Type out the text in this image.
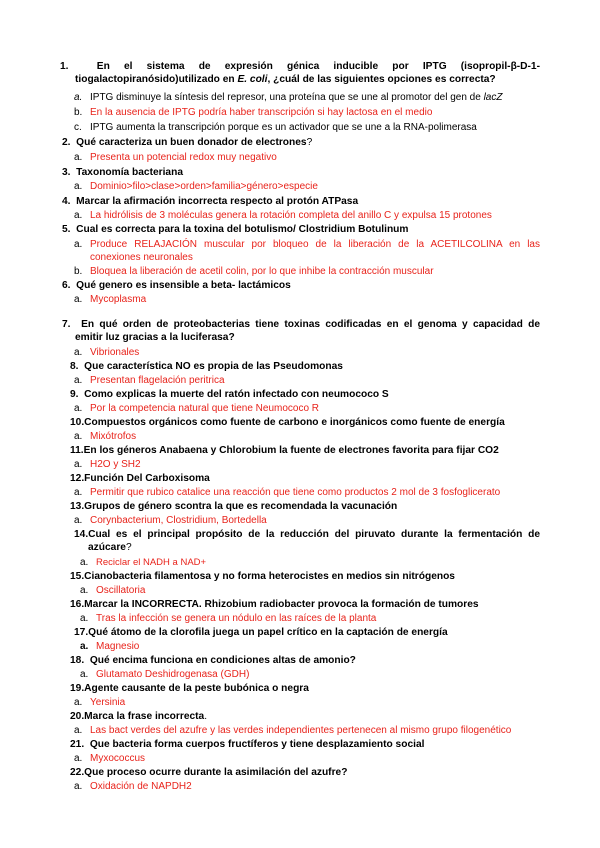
1.	En el sistema de expresión génica inducible por IPTG (isopropil-β-D-1-
tiogalactopiranósido)utilizado en E. coli, ¿cuál de las siguientes opciones es correcta?
a. IPTG disminuye la síntesis del represor, una proteína que se une al promotor del gen de lacZ
b. En la ausencia de IPTG podría haber transcripción si hay lactosa en el medio
c. IPTG aumenta la transcripción porque es un activador que se une a la RNA-polimerasa
2. Qué caracteriza un buen donador de electrones?
a. Presenta un potencial redox muy negativo
3. Taxonomía bacteriana
a. Dominio>filo>clase>orden>familia>género>especie
4. Marcar la afirmación incorrecta respecto al protón ATPasa
a. La hidrólisis de 3 moléculas genera la rotación completa del anillo C y expulsa 15 protones
5. Cual es correcta para la toxina del botulismo/ Clostridium Botulinum
a. Produce RELAJACIÓN muscular por bloqueo de la liberación de la ACETILCOLINA en las
conexiones neuronales
b. Bloquea la liberación de acetil colin, por lo que inhibe la contracción muscular
6. Qué genero es insensible a beta- lactámicos
a. Mycoplasma
7. En qué orden de proteobacterias tiene toxinas codificadas en el genoma y capacidad de
emitir luz gracias a la luciferasa?
a. Vibrionales
8. Que característica NO es propia de las Pseudomonas
a. Presentan flagelación peritrica
9. Como explicas la muerte del ratón infectado con neumococo S
a. Por la competencia natural que tiene Neumococo R
10.Compuestos orgánicos como fuente de carbono e inorgánicos como fuente de energía
a. Mixótrofos
11.En los géneros Anabaena y Chlorobium la fuente de electrones favorita para fijar CO2
a. H2O y SH2
12.Función Del Carboxisoma
a. Permitir que rubico catalice una reacción que tiene como productos 2 mol de 3 fosfoglicerato
13.Grupos de género scontra la que es recomendada la vacunación
a. Corynbacterium, Clostridium, Bortedella
14.Cual es el principal propósito de la reducción del piruvato durante la fermentación de
azúcare?
a. Reciclar el NADH a NAD+
15.Cianobacteria filamentosa y no forma heterocistes en medios sin nitrógenos
a. Oscillatoria
16.Marcar la INCORRECTA. Rhizobium radiobacter provoca la formación de tumores
a. Tras la infección se genera un nódulo en las raíces de la planta
17.Qué átomo de la clorofila juega un papel crítico en la captación de energía
a. Magnesio
18. Qué encima funciona en condiciones altas de amonio?
a. Glutamato Deshidrogenasa (GDH)
19.Agente causante de la peste bubónica o negra
a. Yersinia
20.Marca la frase incorrecta.
a. Las bact verdes del azufre y las verdes independientes pertenecen al mismo grupo filogenético
21. Que bacteria forma cuerpos fructíferos y tiene desplazamiento social
a. Myxococcus
22.Que proceso ocurre durante la asimilación del azufre?
a. Oxidación de NAPDH2
